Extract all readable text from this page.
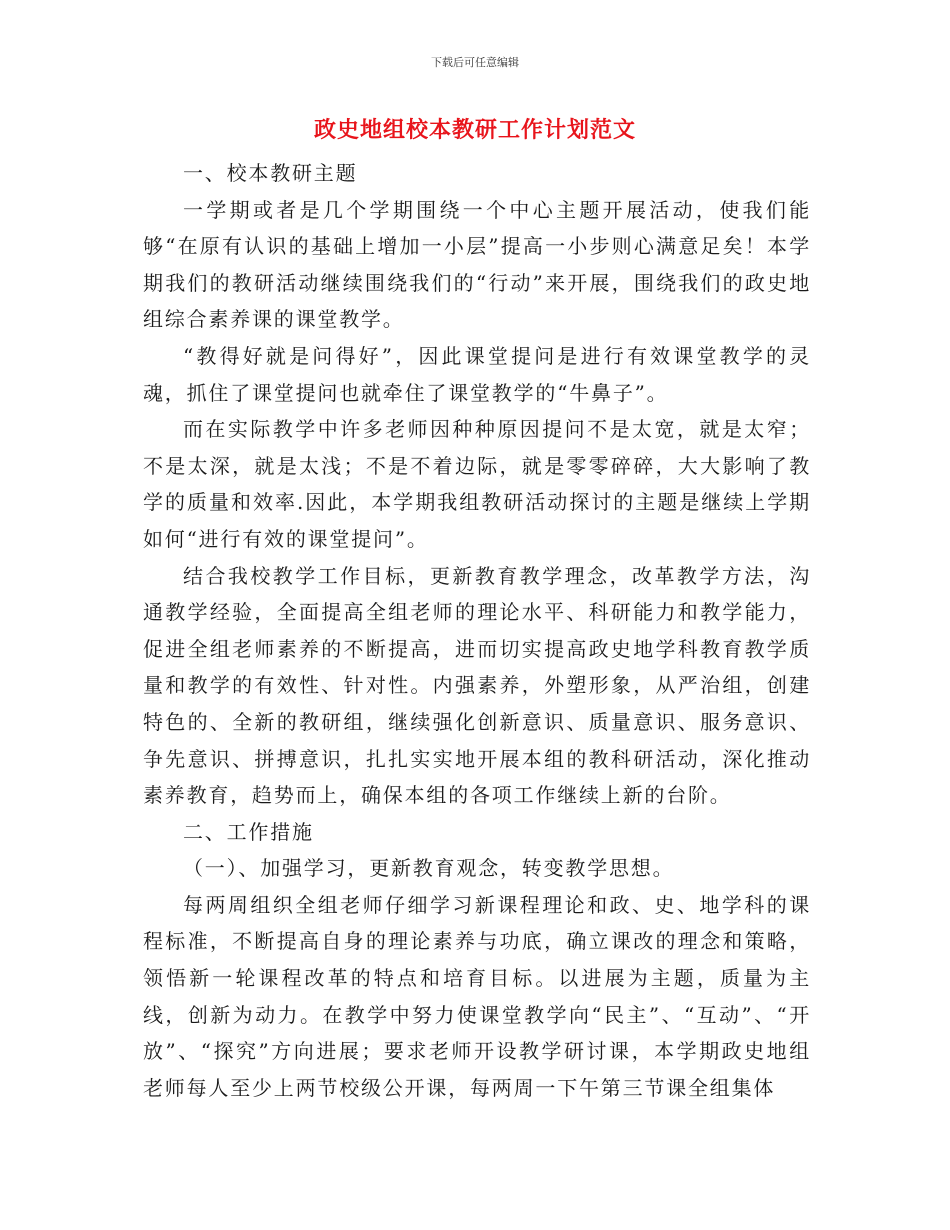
下载后可任意编辑
政史地组校本教研工作计划范文

一、校本教研主题

一学期或者是几个学期围绕一个中心主题开展活动，使我们能够“在原有认识的基础上增加一小层”提高一小步则心满意足矣！本学期我们的教研活动继续围绕我们的“行动”来开展，围绕我们的政史地组综合素养课的课堂教学。

“教得好就是问得好”，因此课堂提问是进行有效课堂教学的灵魂，抓住了课堂提问也就牵住了课堂教学的“牛鼻子”。

而在实际教学中许多老师因种种原因提问不是太宽，就是太窄；不是太深，就是太浅；不是不着边际，就是零零碎碎，大大影响了教学的质量和效率.因此，本学期我组教研活动探讨的主题是继续上学期如何“进行有效的课堂提问”。

结合我校教学工作目标，更新教育教学理念，改革教学方法，沟通教学经验，全面提高全组老师的理论水平、科研能力和教学能力，促进全组老师素养的不断提高，进而切实提高政史地学科教育教学质量和教学的有效性、针对性。内强素养，外塑形象，从严治组，创建特色的、全新的教研组，继续强化创新意识、质量意识、服务意识、争先意识、拼搏意识，扎扎实实地开展本组的教科研活动，深化推动素养教育，趋势而上，确保本组的各项工作继续上新的台阶。

二、工作措施

（一）、加强学习，更新教育观念，转变教学思想。

每两周组织全组老师仔细学习新课程理论和政、史、地学科的课程标准，不断提高自身的理论素养与功底，确立课改的理念和策略，领悟新一轮课程改革的特点和培育目标。以进展为主题，质量为主线，创新为动力。在教学中努力使课堂教学向“民主”、“互动”、“开放”、“探究”方向进展；要求老师开设教学研讨课，本学期政史地组老师每人至少上两节校级公开课，每两周一下午第三节课全组集体
